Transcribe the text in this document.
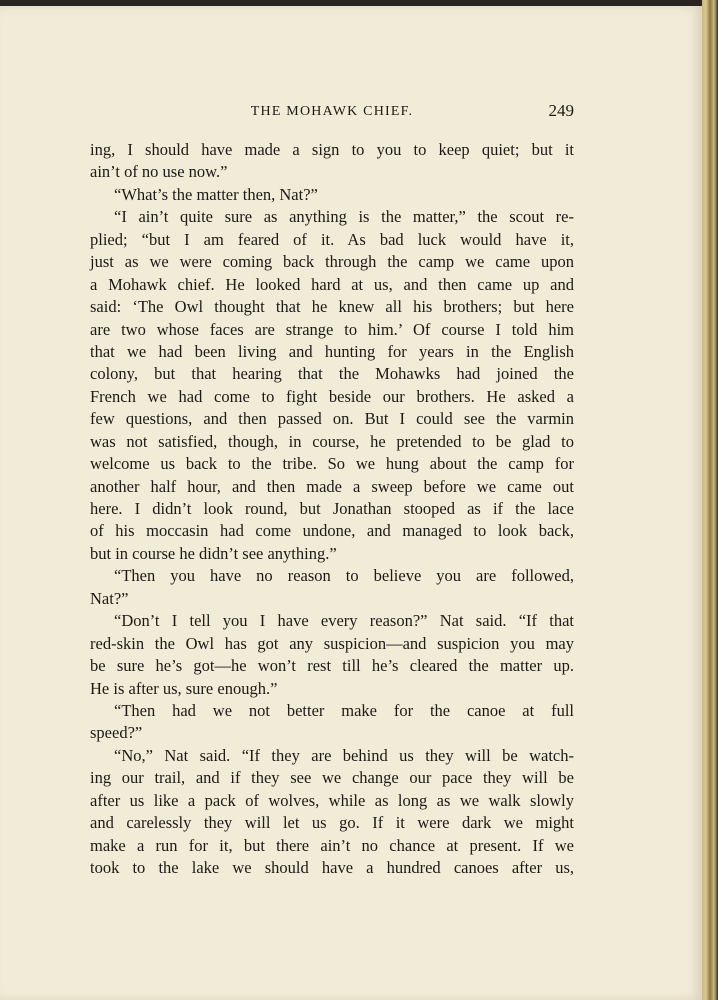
THE MOHAWK CHIEF.	249
ing, I should have made a sign to you to keep quiet; but it
ain’t of no use now.”
“What’s the matter then, Nat?”
“I ain’t quite sure as anything is the matter,” the scout re-
plied; “but I am feared of it. As bad luck would have it,
just as we were coming back through the camp we came upon
a Mohawk chief. He looked hard at us, and then came up and
said: ‘The Owl thought that he knew all his brothers; but here
are two whose faces are strange to him.’ Of course I told him
that we had been living and hunting for years in the English
colony, but that hearing that the Mohawks had joined the
French we had come to fight beside our brothers. He asked a
few questions, and then passed on. But I could see the varmin
was not satisfied, though, in course, he pretended to be glad to
welcome us back to the tribe. So we hung about the camp for
another half hour, and then made a sweep before we came out
here. I didn’t look round, but Jonathan stooped as if the lace
of his moccasin had come undone, and managed to look back,
but in course he didn’t see anything.”
“Then you have no reason to believe you are followed,
Nat?”
“Don’t I tell you I have every reason?” Nat said. “If that
red-skin the Owl has got any suspicion—and suspicion you may
be sure he’s got—he won’t rest till he’s cleared the matter up.
He is after us, sure enough.”
“Then had we not better make for the canoe at full
speed?”
“No,” Nat said. “If they are behind us they will be watch-
ing our trail, and if they see we change our pace they will be
after us like a pack of wolves, while as long as we walk slowly
and carelessly they will let us go. If it were dark we might
make a run for it, but there ain’t no chance at present. If we
took to the lake we should have a hundred canoes after us,
